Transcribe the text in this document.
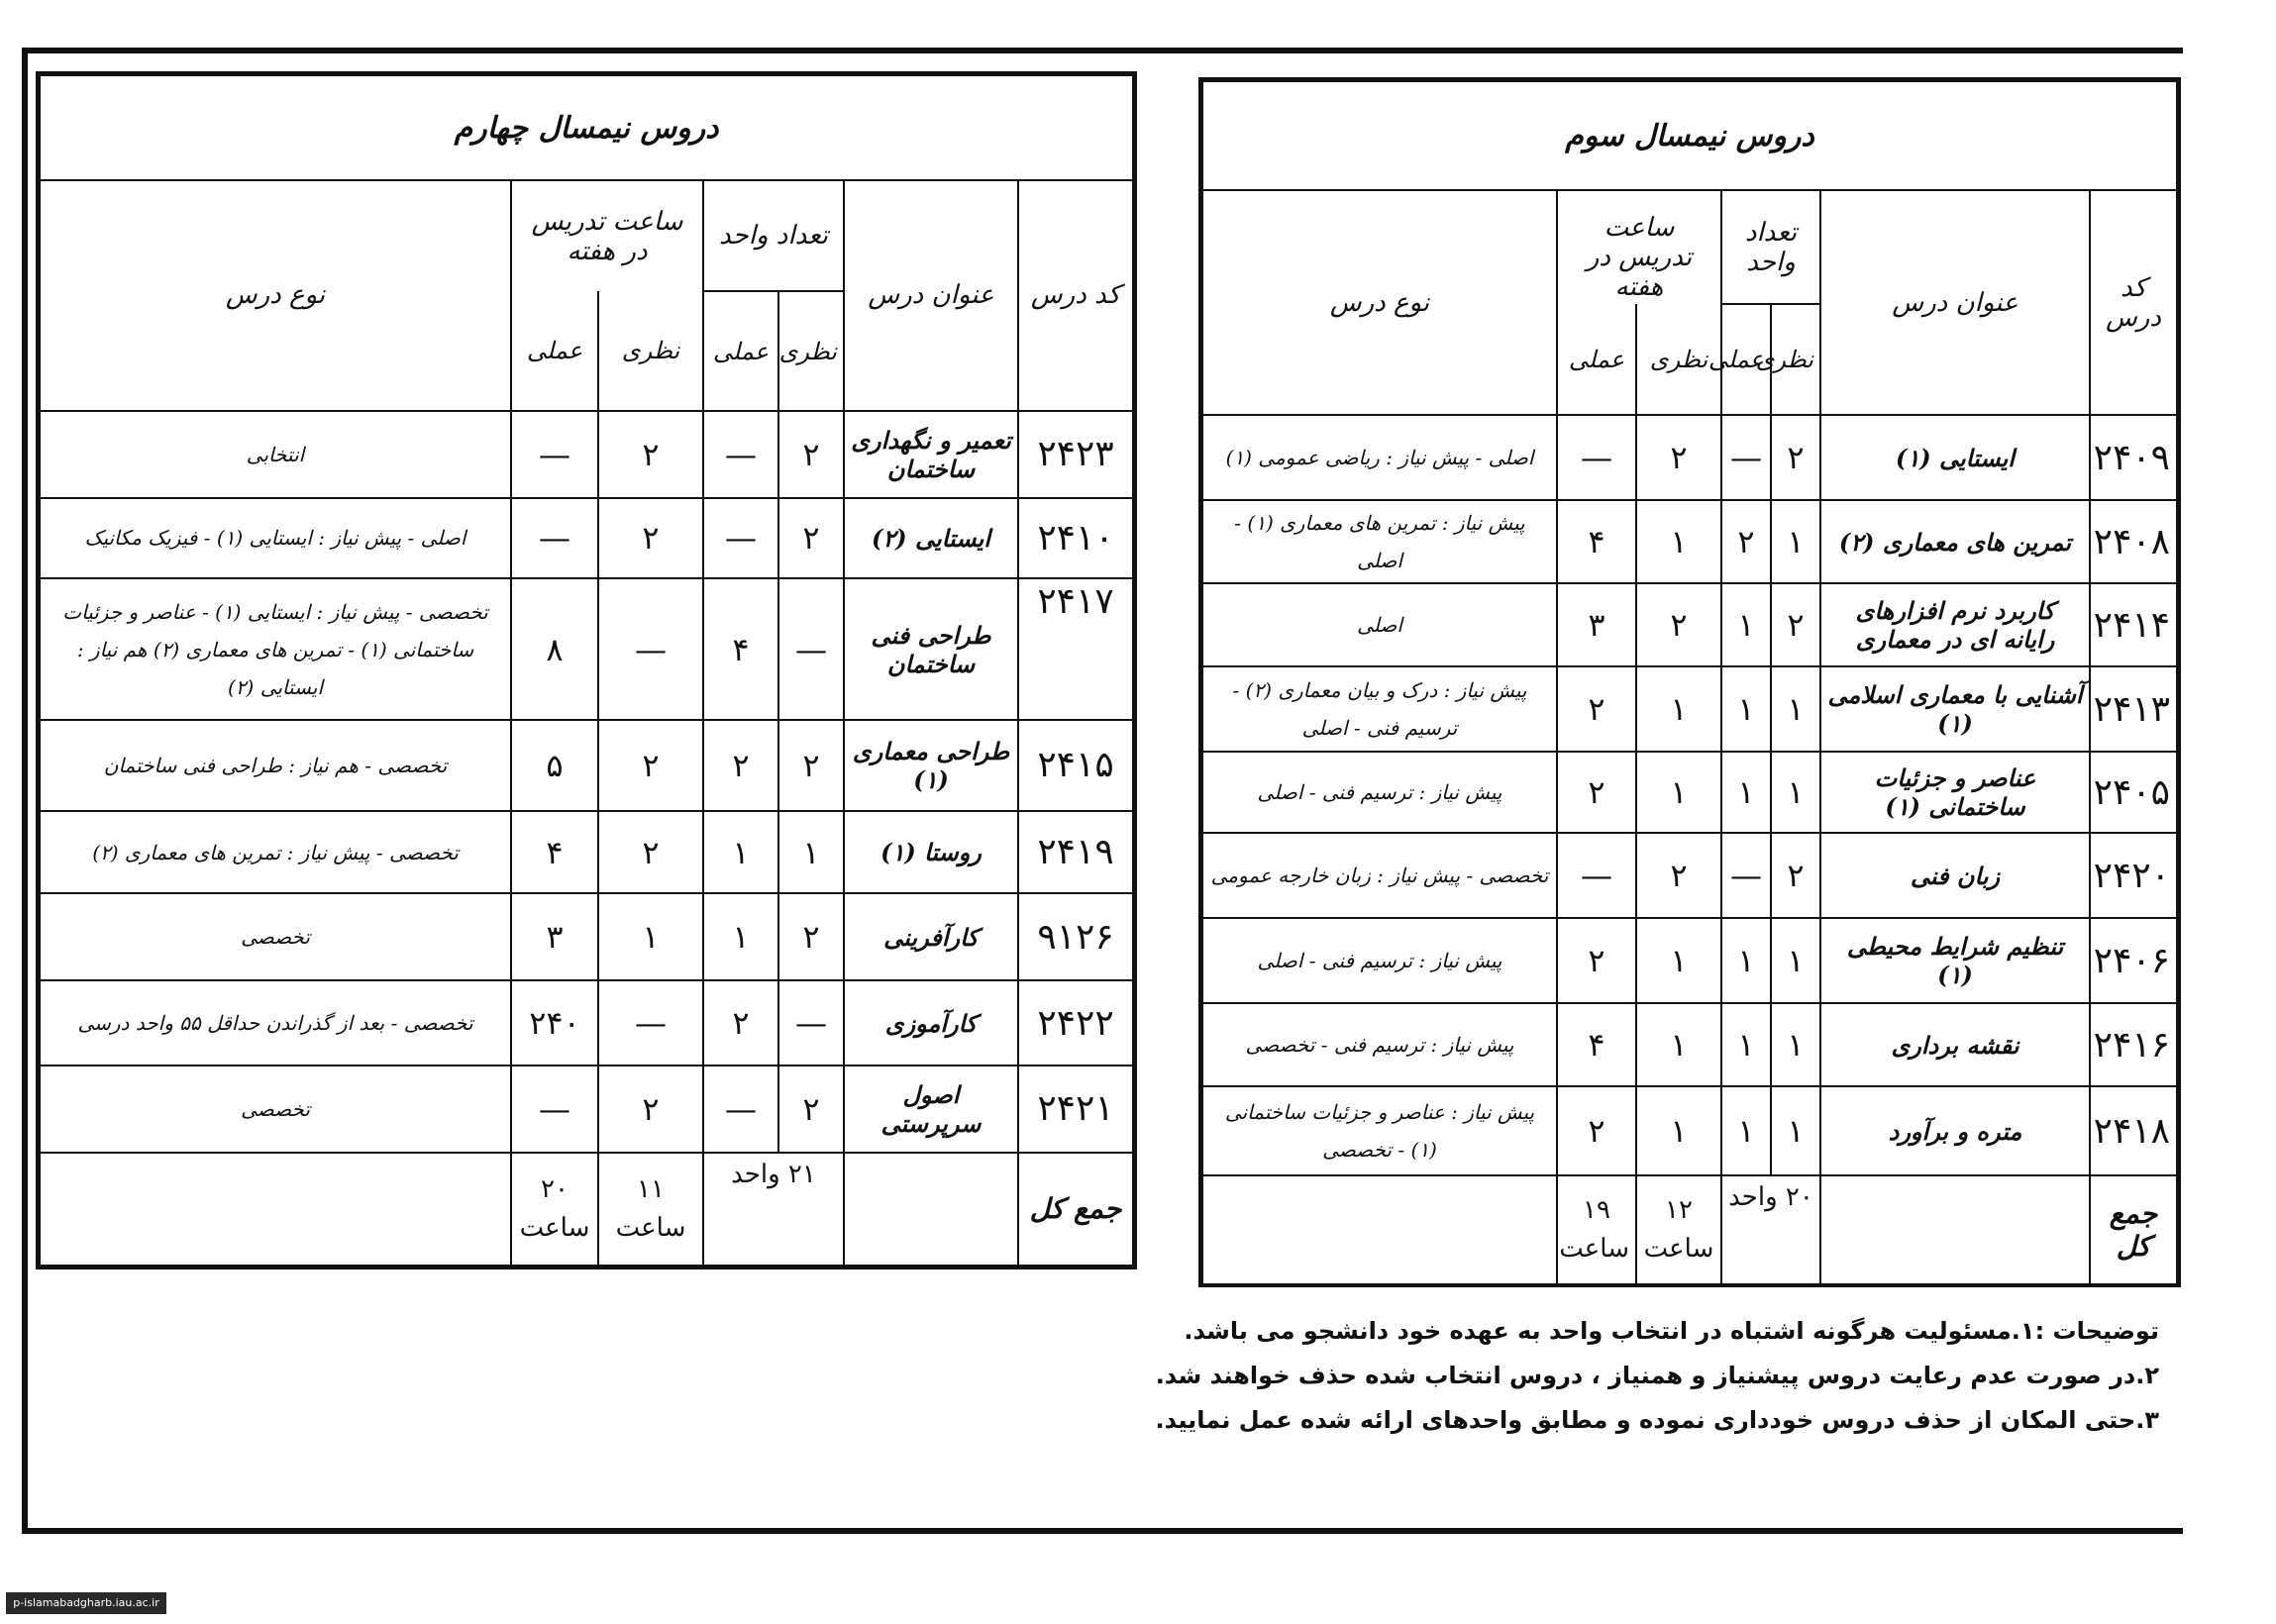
دروس نیمسال چهارم						
کد درس	عنوان درس	تعداد واحد		ساعت تدریس در هفته		نوع درس
		نظری	عملی	نظری	عملی	
۲۴۲۳	تعمیر و نگهداری ساختمان	۲	—	۲	—	انتخابی
۲۴۱۰	ایستایی (۲)	۲	—	۲	—	اصلی - پیش نیاز : ایستایی (۱) - فیزیک مکانیک
۲۴۱۷	طراحی فنی ساختمان	—	۴	—	۸	تخصصی - پیش نیاز : ایستایی (۱) - عناصر و جزئیات ساختمانی (۱) - تمرین های معماری (۲) هم نیاز : ایستایی (۲)
۲۴۱۵	طراحی معماری (۱)	۲	۲	۲	۵	تخصصی - هم نیاز : طراحی فنی ساختمان
۲۴۱۹	روستا (۱)	۱	۱	۲	۴	تخصصی - پیش نیاز : تمرین های معماری (۲)
۹۱۲۶	کارآفرینی	۲	۱	۱	۳	تخصصی
۲۴۲۲	کارآموزی	—	۲	—	۲۴۰	تخصصی - بعد از گذراندن حداقل ۵۵ واحد درسی
۲۴۲۱	اصول سرپرستی	۲	—	۲	—	تخصصی
جمع کل		۲۱ واحد		۱۱ ساعت	۲۰ ساعت	
دروس نیمسال سوم						
کد درس	عنوان درس	تعداد واحد		ساعت تدریس در هفته		نوع درس
		نظری	عملی	نظری	عملی	
۲۴۰۹	ایستایی (۱)	۲	—	۲	—	اصلی - پیش نیاز : ریاضی عمومی (۱)
۲۴۰۸	تمرین های معماری (۲)	۱	۲	۱	۴	پیش نیاز : تمرین های معماری (۱) - اصلی
۲۴۱۴	کاربرد نرم افزارهای رایانه ای در معماری	۲	۱	۲	۳	اصلی
۲۴۱۳	آشنایی با معماری اسلامی (۱)	۱	۱	۱	۲	پیش نیاز : درک و بیان معماری (۲) - ترسیم فنی - اصلی
۲۴۰۵	عناصر و جزئیات ساختمانی (۱)	۱	۱	۱	۲	پیش نیاز : ترسیم فنی - اصلی
۲۴۲۰	زبان فنی	۲	—	۲	—	تخصصی - پیش نیاز : زبان خارجه عمومی
۲۴۰۶	تنظیم شرایط محیطی (۱)	۱	۱	۱	۲	پیش نیاز : ترسیم فنی - اصلی
۲۴۱۶	نقشه برداری	۱	۱	۱	۴	پیش نیاز : ترسیم فنی - تخصصی
۲۴۱۸	متره و برآورد	۱	۱	۱	۲	پیش نیاز : عناصر و جزئیات ساختمانی (۱) - تخصصی
جمع کل		۲۰ واحد		۱۲ ساعت	۱۹ ساعت	
توضیحات :۱.مسئولیت هرگونه اشتباه در انتخاب واحد به عهده خود دانشجو می باشد.
۲.در صورت عدم رعایت دروس پیشنیاز و همنیاز ، دروس انتخاب شده حذف خواهند شد.
۳.حتی المکان از حذف دروس خودداری نموده و مطابق واحدهای ارائه شده عمل نمایید.
p-islamabadgharb.iau.ac.ir
